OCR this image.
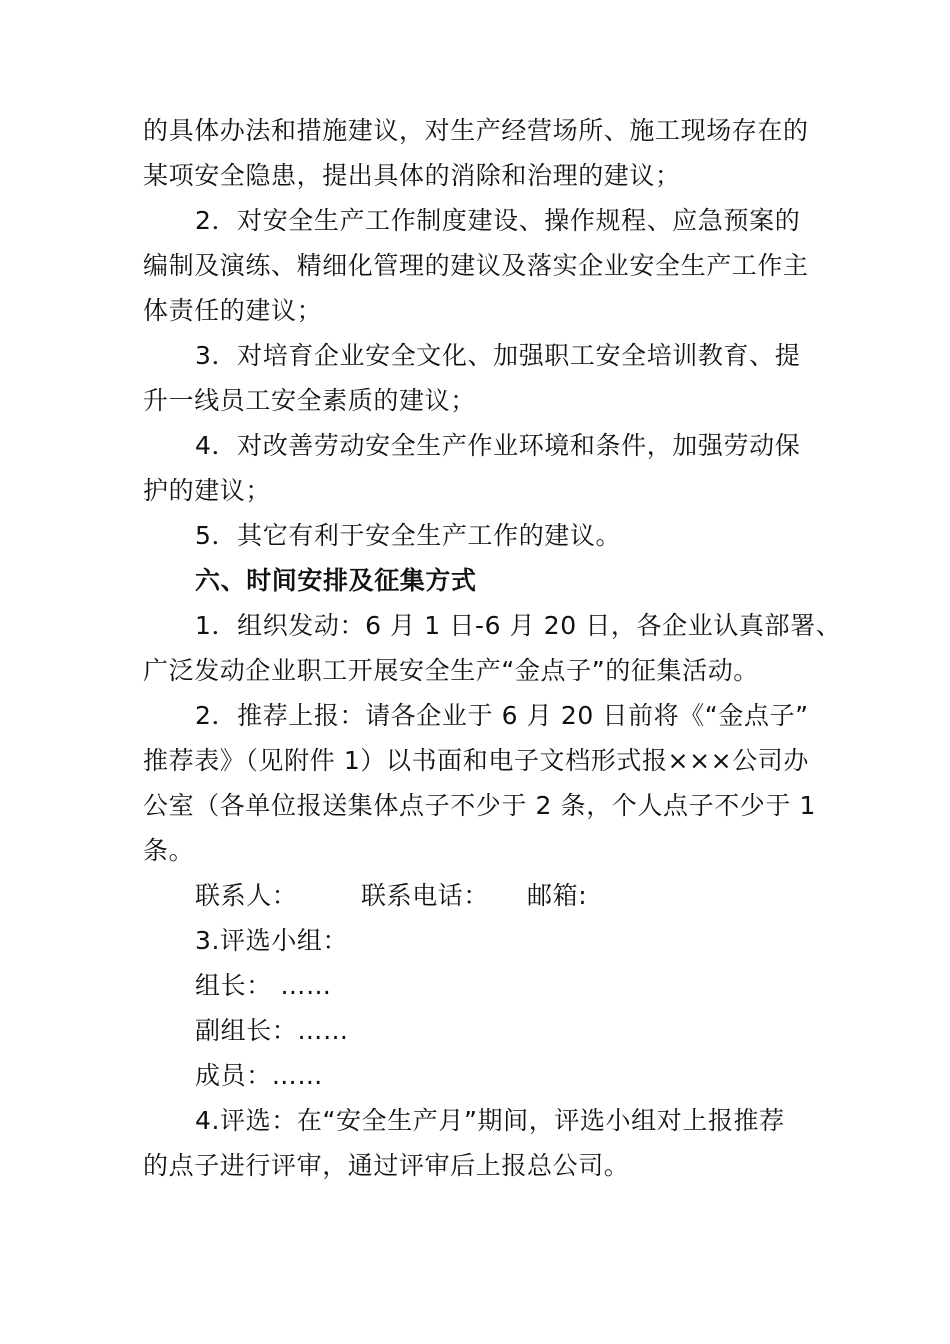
的具体办法和措施建议，对生产经营场所、施工现场存在的
某项安全隐患，提出具体的消除和治理的建议；
2．对安全生产工作制度建设、操作规程、应急预案的
编制及演练、精细化管理的建议及落实企业安全生产工作主
体责任的建议；
3．对培育企业安全文化、加强职工安全培训教育、提
升一线员工安全素质的建议；
4．对改善劳动安全生产作业环境和条件，加强劳动保
护的建议；
5．其它有利于安全生产工作的建议。
六、时间安排及征集方式
1．组织发动：6 月 1 日-6 月 20 日，各企业认真部署、
广泛发动企业职工开展安全生产“金点子”的征集活动。
2．推荐上报：请各企业于 6 月 20 日前将《“金点子”
推荐表》（见附件 1）以书面和电子文档形式报×××公司办
公室（各单位报送集体点子不少于 2 条，个人点子不少于 1
条。
联系人：	联系电话： 邮箱:
3.评选小组：
组长： ……
副组长：……
成员：……
4.评选：在“安全生产月”期间，评选小组对上报推荐
的点子进行评审，通过评审后上报总公司。
